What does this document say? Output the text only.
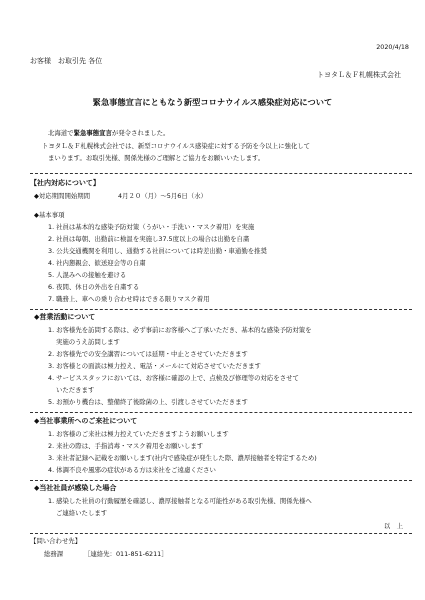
2020/4/18
お客様　お取引先 各位
トヨタＬ＆Ｆ札幌株式会社
緊急事態宣言にともなう新型コロナウイルス感染症対応について
北海道で緊急事態宣言が発令されました。
トヨタＬ＆Ｆ札幌株式会社では、新型コロナウイルス感染症に対する予防を今以上に強化して
まいります。お取引先様、関係先様のご理解とご協力をお願いいたします。
【社内対応について】
◆対応期間開始期間	4月２０（月）～5月6日（水）
◆基本事項
1. 社員は基本的な感染予防対策（うがい・手洗い・マスク着用）を実施
2. 社員は毎朝、出勤前に検温を実施し37.5度以上の場合は出勤を自粛
3. 公共交通機関を利用し、通勤する社員については時差出勤・車通勤を推奨
4. 社内懇親会、歓送迎会等の自粛
5. 人混みへの接触を避ける
6. 夜間、休日の外出を自粛する
7. 職務上、車への乗り合わせ時はできる限りマスク着用
◆営業活動について
1. お客様先を訪問する際は、必ず事前にお客様へご了承いただき、基本的な感染予防対策を
実施のうえ訪問します
2. お客様先での安全講習については延期・中止とさせていただきます
3. お客様との面談は極力控え、電話・メールにて対応させていただきます
4. サービススタッフにおいては、お客様に確認の上で、点検及び修理等の対応をさせて
いただきます
5. お預かり機台は、整備終了後除菌の上、引渡しさせていただきます
◆当社事業所へのご来社について
1. お客様のご来社は極力控えていただきますようお願いします
2. 来社の際は、手指消毒・マスク着用をお願いします
3. 来社者記録へ記載をお願いします(社内で感染症が発生した際、濃厚接触者を特定するため)
4. 体調不良や風邪の症状がある方は来社をご遠慮ください
◆当社社員が感染した場合
1. 感染した社員の行動履歴を確認し、濃厚接触者となる可能性がある取引先様、関係先様へ
ご連絡いたします
以　上
【問い合わせ先】
総務課	［連絡先：011-851-6211］
